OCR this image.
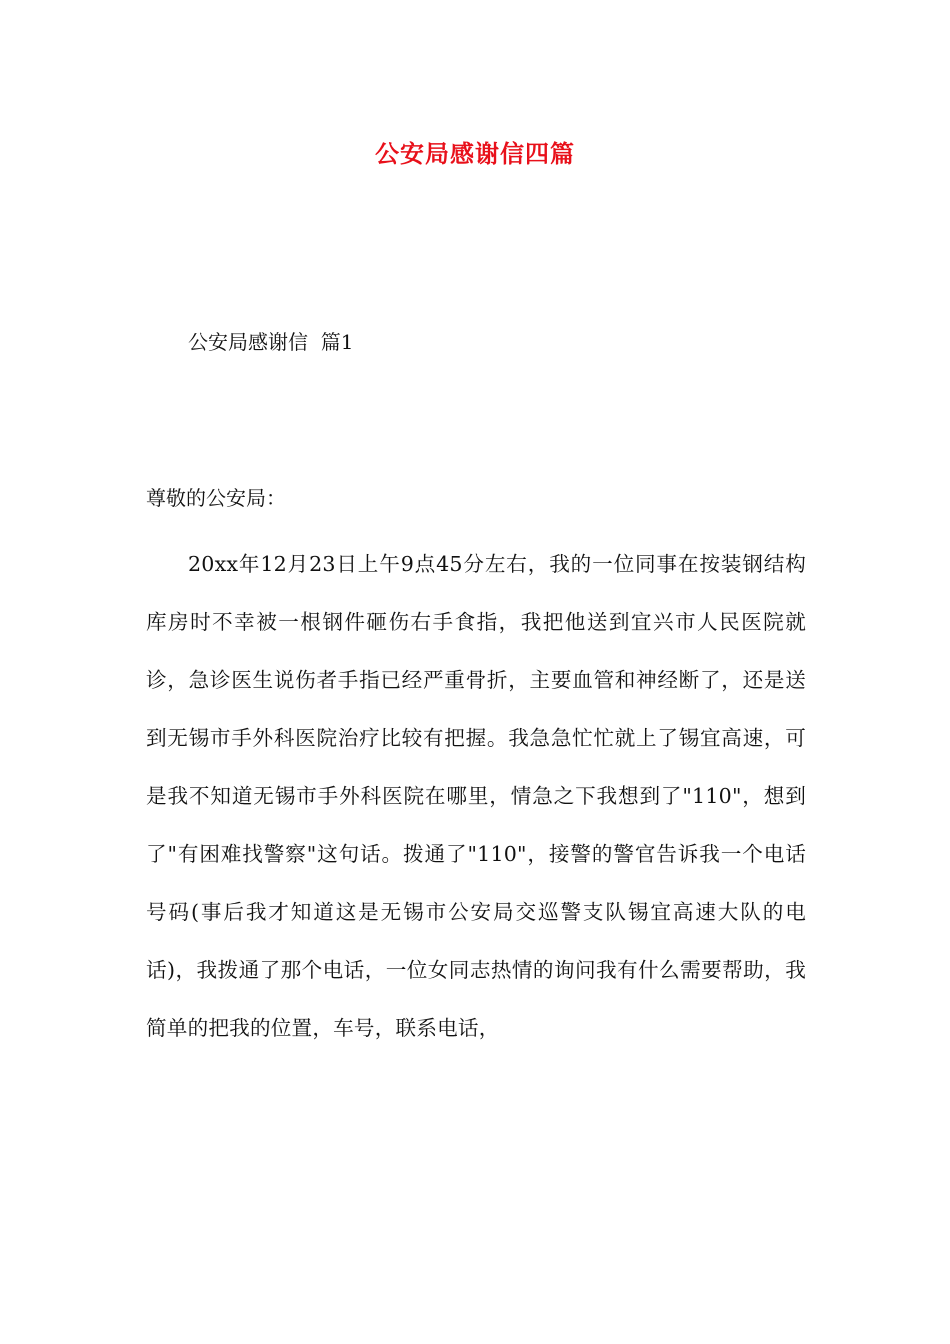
公安局感谢信四篇
公安局感谢信  篇1
尊敬的公安局：

20xx年12月23日上午9点45分左右，我的一位同事在按装钢结构库房时不幸被一根钢件砸伤右手食指，我把他送到宜兴市人民医院就诊，急诊医生说伤者手指已经严重骨折，主要血管和神经断了，还是送到无锡市手外科医院治疗比较有把握。我急急忙忙就上了锡宜高速，可是我不知道无锡市手外科医院在哪里，情急之下我想到了"110"，想到了"有困难找警察"这句话。拨通了"110"，接警的警官告诉我一个电话号码(事后我才知道这是无锡市公安局交巡警支队锡宜高速大队的电话)，我拨通了那个电话，一位女同志热情的询问我有什么需要帮助，我简单的把我的位置，车号，联系电话，
